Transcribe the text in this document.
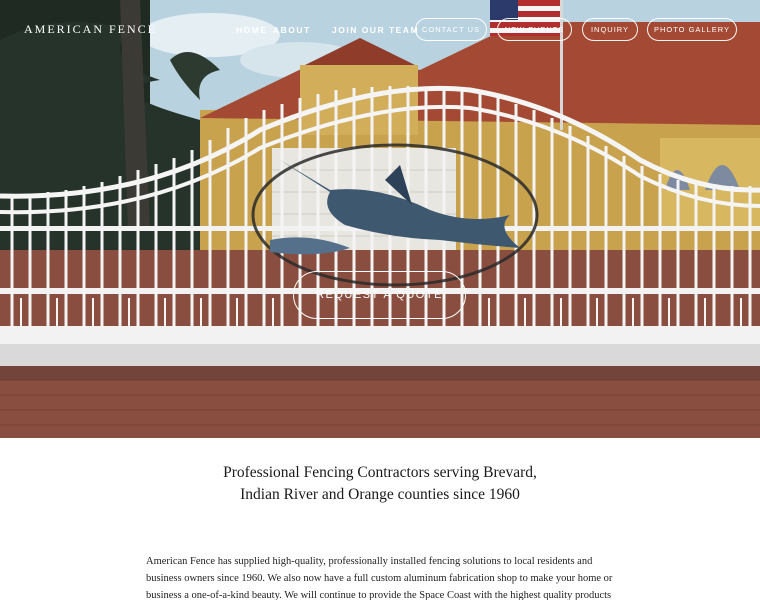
AMERICAN FENCE	HOME ABOUT	JOIN OUR TEAM CONTACT US	NEW EVENTS	INQUIRY	PHOTO GALLERY
REQUEST A QUOTE
Professional Fencing Contractors serving Brevard, Indian River and Orange counties since 1960

American Fence has supplied high-quality, professionally installed fencing solutions to local residents and business owners since 1960. We also now have a full custom aluminum fabrication shop to make your home or business a one-of-a-kind beauty. We will continue to provide the Space Coast with the highest quality products
